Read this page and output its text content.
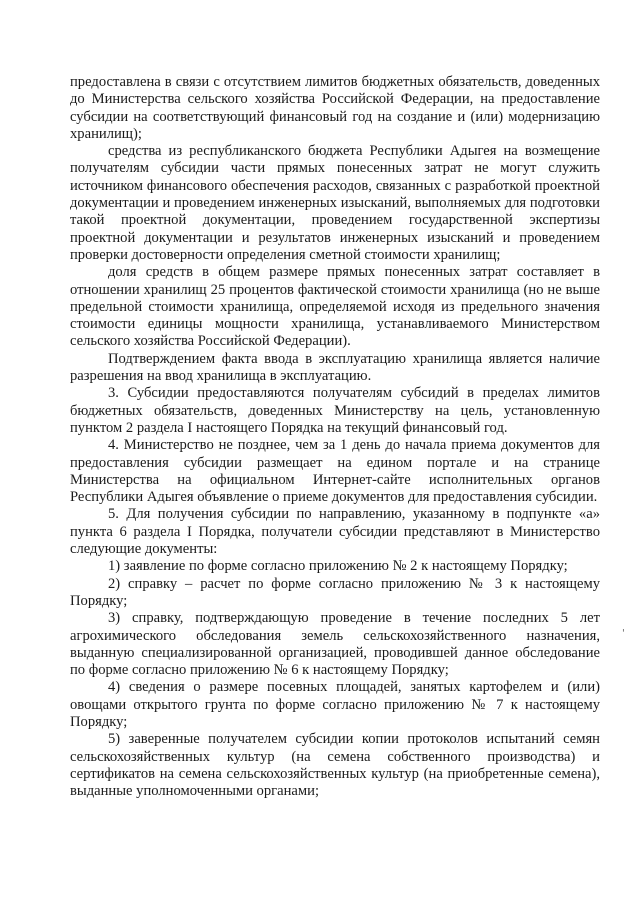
предоставлена в связи с отсутствием лимитов бюджетных обязательств, доведенных до Министерства сельского хозяйства Российской Федерации, на предоставление субсидии на соответствующий финансовый год на создание и (или) модернизацию хранилищ);

средства из республиканского бюджета Республики Адыгея на возмещение получателям субсидии части прямых понесенных затрат не могут служить источником финансового обеспечения расходов, связанных с разработкой проектной документации и проведением инженерных изысканий, выполняемых для подготовки такой проектной документации, проведением государственной экспертизы проектной документации и результатов инженерных изысканий и проведением проверки достоверности определения сметной стоимости хранилищ;

доля средств в общем размере прямых понесенных затрат составляет в отношении хранилищ 25 процентов фактической стоимости хранилища (но не выше предельной стоимости хранилища, определяемой исходя из предельного значения стоимости единицы мощности хранилища, устанавливаемого Министерством сельского хозяйства Российской Федерации).

Подтверждением факта ввода в эксплуатацию хранилища является наличие разрешения на ввод хранилища в эксплуатацию.

3. Субсидии предоставляются получателям субсидий в пределах лимитов бюджетных обязательств, доведенных Министерству на цель, установленную пунктом 2 раздела I настоящего Порядка на текущий финансовый год.

4. Министерство не позднее, чем за 1 день до начала приема документов для предоставления субсидии размещает на едином портале и на странице Министерства на официальном Интернет-сайте исполнительных органов Республики Адыгея объявление о приеме документов для предоставления субсидии.

5. Для получения субсидии по направлению, указанному в подпункте «а» пункта 6 раздела I Порядка, получатели субсидии представляют в Министерство следующие документы:

1) заявление по форме согласно приложению № 2 к настоящему Порядку;

2) справку – расчет по форме согласно приложению № 3 к настоящему Порядку;

3) справку, подтверждающую проведение в течение последних 5 лет агрохимического обследования земель сельскохозяйственного назначения, выданную специализированной организацией, проводившей данное обследование по форме согласно приложению № 6 к настоящему Порядку;

4) сведения о размере посевных площадей, занятых картофелем и (или) овощами открытого грунта по форме согласно приложению № 7 к настоящему Порядку;

5) заверенные получателем субсидии копии протоколов испытаний семян сельскохозяйственных культур (на семена собственного производства) и сертификатов на семена сельскохозяйственных культур (на приобретенные семена), выданные уполномоченными органами;

'
